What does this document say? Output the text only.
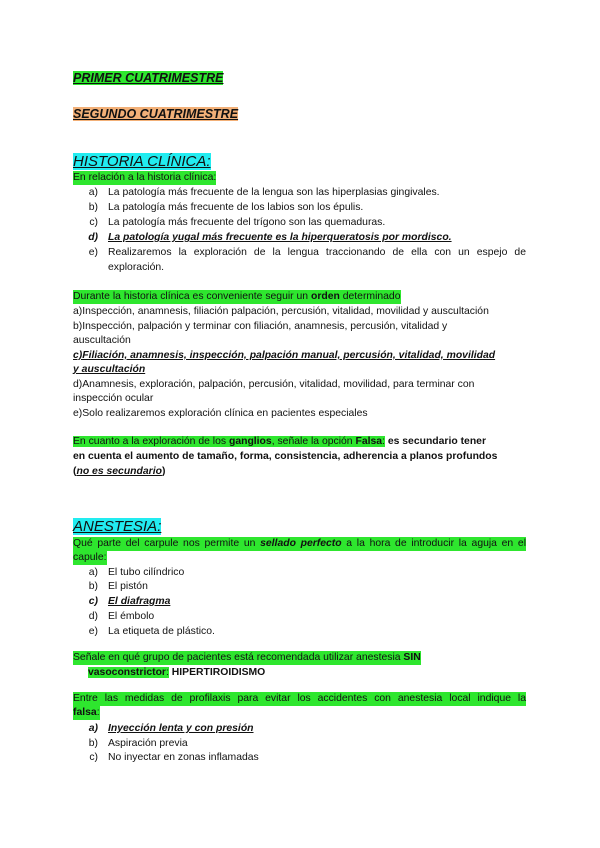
PRIMER CUATRIMESTRE
SEGUNDO CUATRIMESTRE
HISTORIA CLÍNICA:
En relación a la historia clínica:
a) La patología más frecuente de la lengua son las hiperplasias gingivales.
b) La patología más frecuente de los labios son los épulis.
c) La patología más frecuente del trígono son las quemaduras.
d) La patología yugal más frecuente es la hiperqueratosis por mordisco.
e) Realizaremos la exploración de la lengua traccionando de ella con un espejo de
exploración.
Durante la historia clínica es conveniente seguir un orden determinado
a)Inspección, anamnesis, filiación palpación, percusión, vitalidad, movilidad y auscultación
b)Inspección, palpación y terminar con filiación, anamnesis, percusión, vitalidad y
auscultación
c)Filiación, anamnesis, inspección, palpación manual, percusión, vitalidad, movilidad
y auscultación
d)Anamnesis, exploración, palpación, percusión, vitalidad, movilidad, para terminar con
inspección ocular
e)Solo realizaremos exploración clínica en pacientes especiales
En cuanto a la exploración de los ganglios, señale la opción Falsa: es secundario tener
en cuenta el aumento de tamaño, forma, consistencia, adherencia a planos profundos
(no es secundario)
ANESTESIA:
Qué parte del carpule nos permite un sellado perfecto a la hora de introducir la aguja en el
capule:
a) El tubo cilíndrico
b) El pistón
c) El diafragma
d) El émbolo
e) La etiqueta de plástico.
Señale en qué grupo de pacientes está recomendada utilizar anestesia SIN
vasoconstrictor: HIPERTIROIDISMO
Entre las medidas de profilaxis para evitar los accidentes con anestesia local indique la
falsa:
a) Inyección lenta y con presión
b) Aspiración previa
c) No inyectar en zonas inflamadas
